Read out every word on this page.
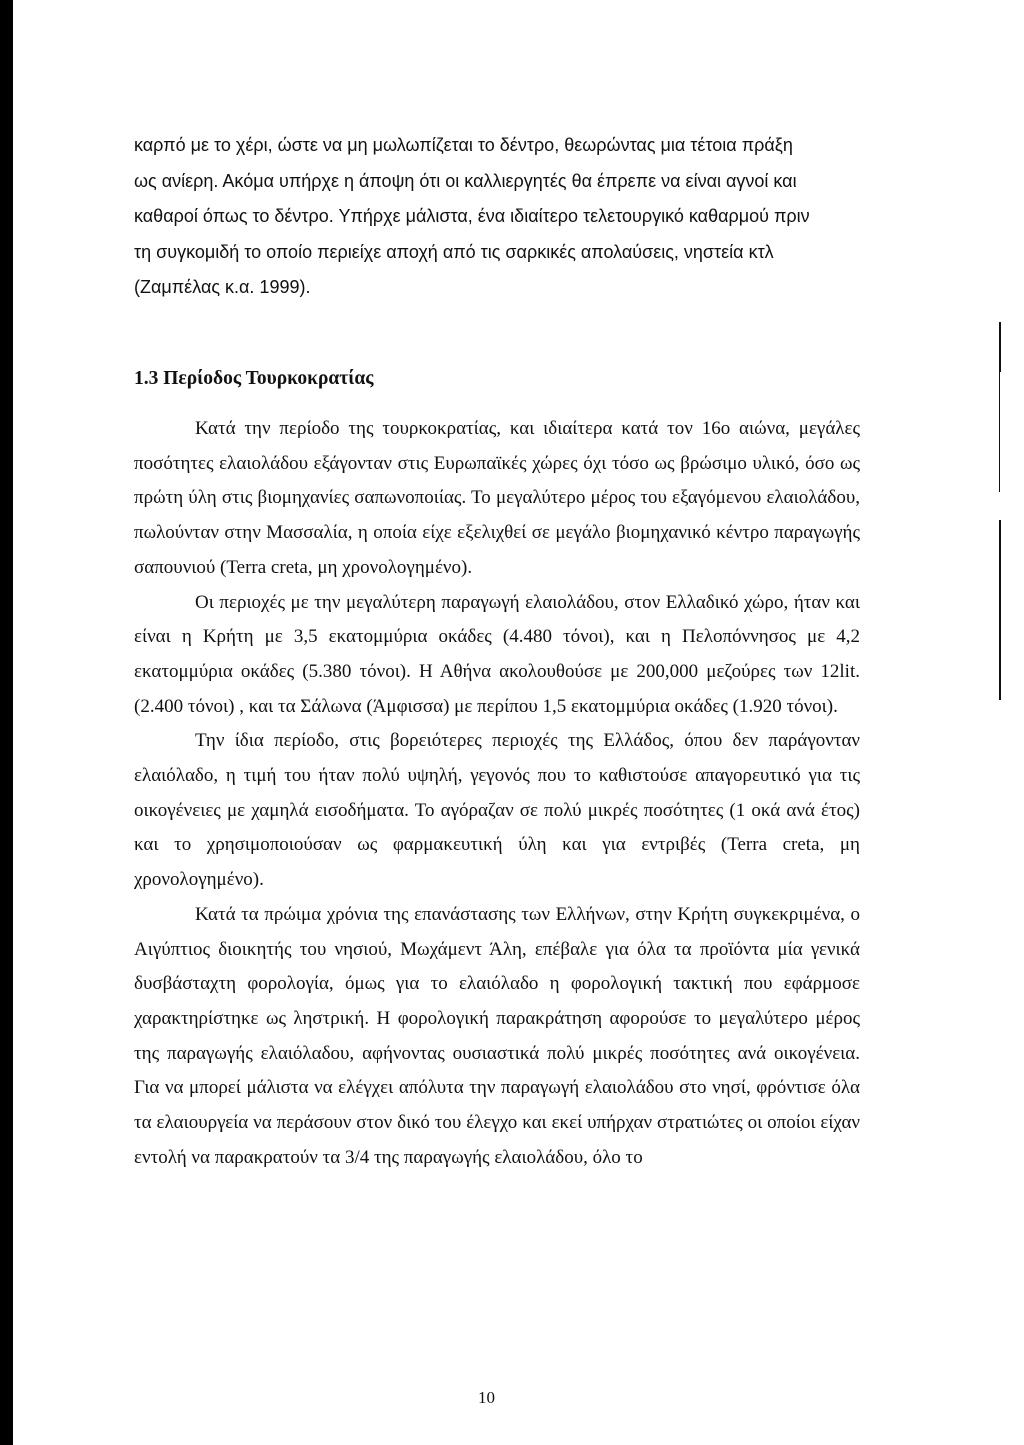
καρπό με το χέρι, ώστε να μη μωλωπίζεται το δέντρο, θεωρώντας μια τέτοια πράξη
ως ανίερη. Ακόμα υπήρχε η άποψη ότι οι καλλιεργητές θα έπρεπε να είναι αγνοί και
καθαροί όπως το δέντρο. Υπήρχε μάλιστα, ένα ιδιαίτερο τελετουργικό καθαρμού πριν
τη συγκομιδή το οποίο περιείχε αποχή από τις σαρκικές απολαύσεις, νηστεία κτλ
(Ζαμπέλας κ.α. 1999).

1.3 Περίοδος Τουρκοκρατίας

Κατά την περίοδο της τουρκοκρατίας, και ιδιαίτερα κατά τον 16ο αιώνα, μεγάλες ποσότητες ελαιολάδου εξάγονταν στις Ευρωπαϊκές χώρες όχι τόσο ως βρώσιμο υλικό, όσο ως πρώτη ύλη στις βιομηχανίες σαπωνοποιίας. Το μεγαλύτερο μέρος του εξαγόμενου ελαιολάδου, πωλούνταν στην Μασσαλία, η οποία είχε εξελιχθεί σε μεγάλο βιομηχανικό κέντρο παραγωγής σαπουνιού (Terra creta, μη χρονολογημένο).

Οι περιοχές με την μεγαλύτερη παραγωγή ελαιολάδου, στον Ελλαδικό χώρο, ήταν και είναι η Κρήτη με 3,5 εκατομμύρια οκάδες (4.480 τόνοι), και η Πελοπόννησος με 4,2 εκατομμύρια οκάδες (5.380 τόνοι). Η Αθήνα ακολουθούσε με 200,000 μεζούρες των 12lit. (2.400 τόνοι) , και τα Σάλωνα (Άμφισσα) με περίπου 1,5 εκατομμύρια οκάδες (1.920 τόνοι).

Την ίδια περίοδο, στις βορειότερες περιοχές της Ελλάδος, όπου δεν παράγονταν ελαιόλαδο, η τιμή του ήταν πολύ υψηλή, γεγονός που το καθιστούσε απαγορευτικό για τις οικογένειες με χαμηλά εισοδήματα. Το αγόραζαν σε πολύ μικρές ποσότητες (1 οκά ανά έτος) και το χρησιμοποιούσαν ως φαρμακευτική ύλη και για εντριβές (Terra creta, μη χρονολογημένο).

Κατά τα πρώιμα χρόνια της επανάστασης των Ελλήνων, στην Κρήτη συγκεκριμένα, ο Αιγύπτιος διοικητής του νησιού, Μωχάμεντ Άλη, επέβαλε για όλα τα προϊόντα μία γενικά δυσβάσταχτη φορολογία, όμως για το ελαιόλαδο η φορολογική τακτική που εφάρμοσε χαρακτηρίστηκε ως ληστρική. Η φορολογική παρακράτηση αφορούσε το μεγαλύτερο μέρος της παραγωγής ελαιόλαδου, αφήνοντας ουσιαστικά πολύ μικρές ποσότητες ανά οικογένεια. Για να μπορεί μάλιστα να ελέγχει απόλυτα την παραγωγή ελαιολάδου στο νησί, φρόντισε όλα τα ελαιουργεία να περάσουν στον δικό του έλεγχο και εκεί υπήρχαν στρατιώτες οι οποίοι είχαν εντολή να παρακρατούν τα 3/4 της παραγωγής ελαιολάδου, όλο το

10
